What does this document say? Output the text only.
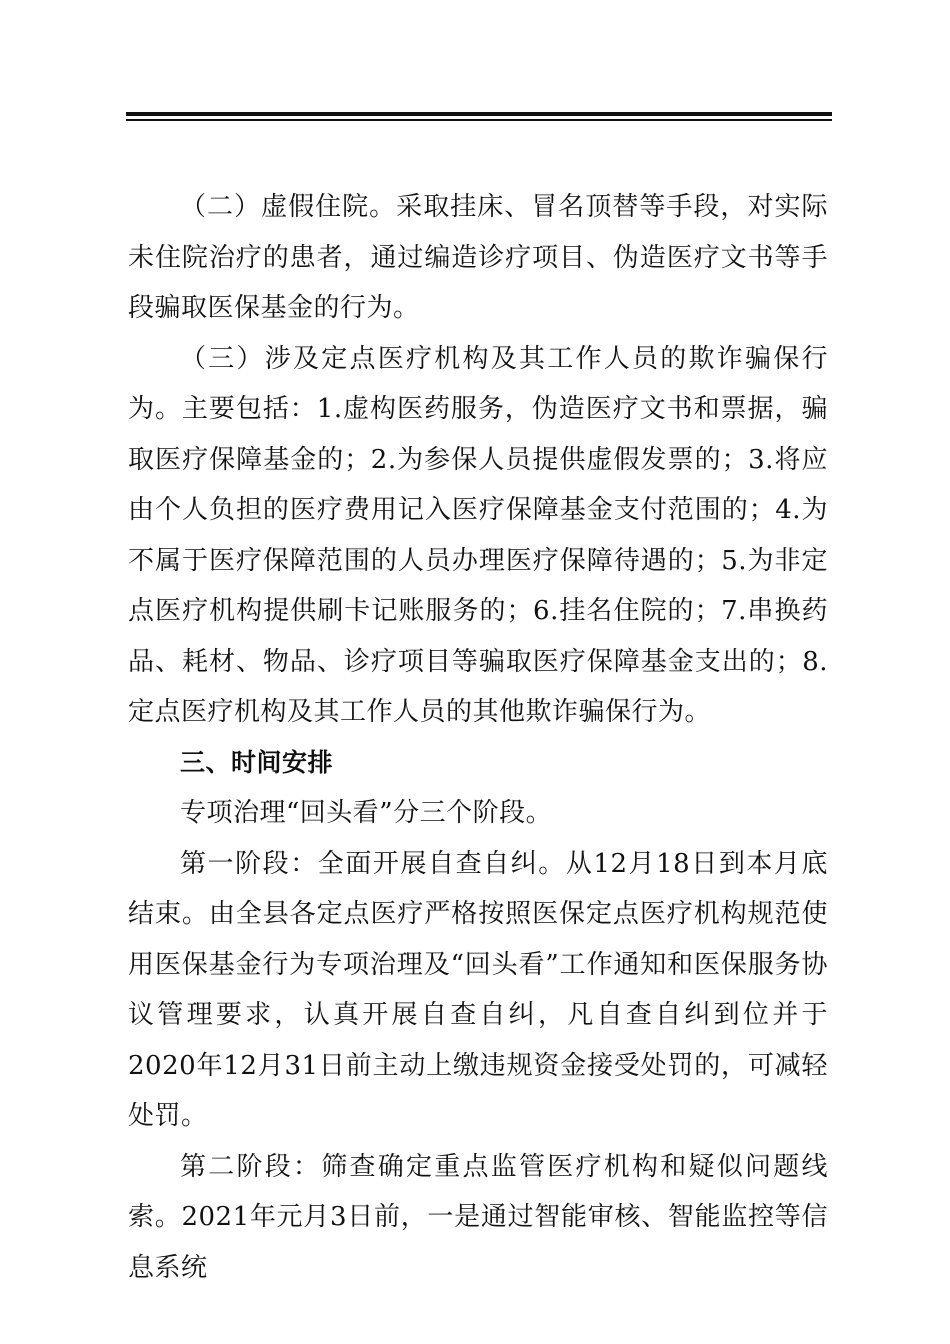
（二）虚假住院。采取挂床、冒名顶替等手段，对实际未住院治疗的患者，通过编造诊疗项目、伪造医疗文书等手段骗取医保基金的行为。

（三）涉及定点医疗机构及其工作人员的欺诈骗保行为。主要包括：1.虚构医药服务，伪造医疗文书和票据，骗取医疗保障基金的；2.为参保人员提供虚假发票的；3.将应由个人负担的医疗费用记入医疗保障基金支付范围的；4.为不属于医疗保障范围的人员办理医疗保障待遇的；5.为非定点医疗机构提供刷卡记账服务的；6.挂名住院的；7.串换药品、耗材、物品、诊疗项目等骗取医疗保障基金支出的；8.定点医疗机构及其工作人员的其他欺诈骗保行为。

三、时间安排

专项治理“回头看”分三个阶段。

第一阶段：全面开展自查自纠。从12月18日到本月底结束。由全县各定点医疗严格按照医保定点医疗机构规范使用医保基金行为专项治理及“回头看”工作通知和医保服务协议管理要求，认真开展自查自纠，凡自查自纠到位并于2020年12月31日前主动上缴违规资金接受处罚的，可减轻处罚。

第二阶段：筛查确定重点监管医疗机构和疑似问题线索。2021年元月3日前，一是通过智能审核、智能监控等信息系统
